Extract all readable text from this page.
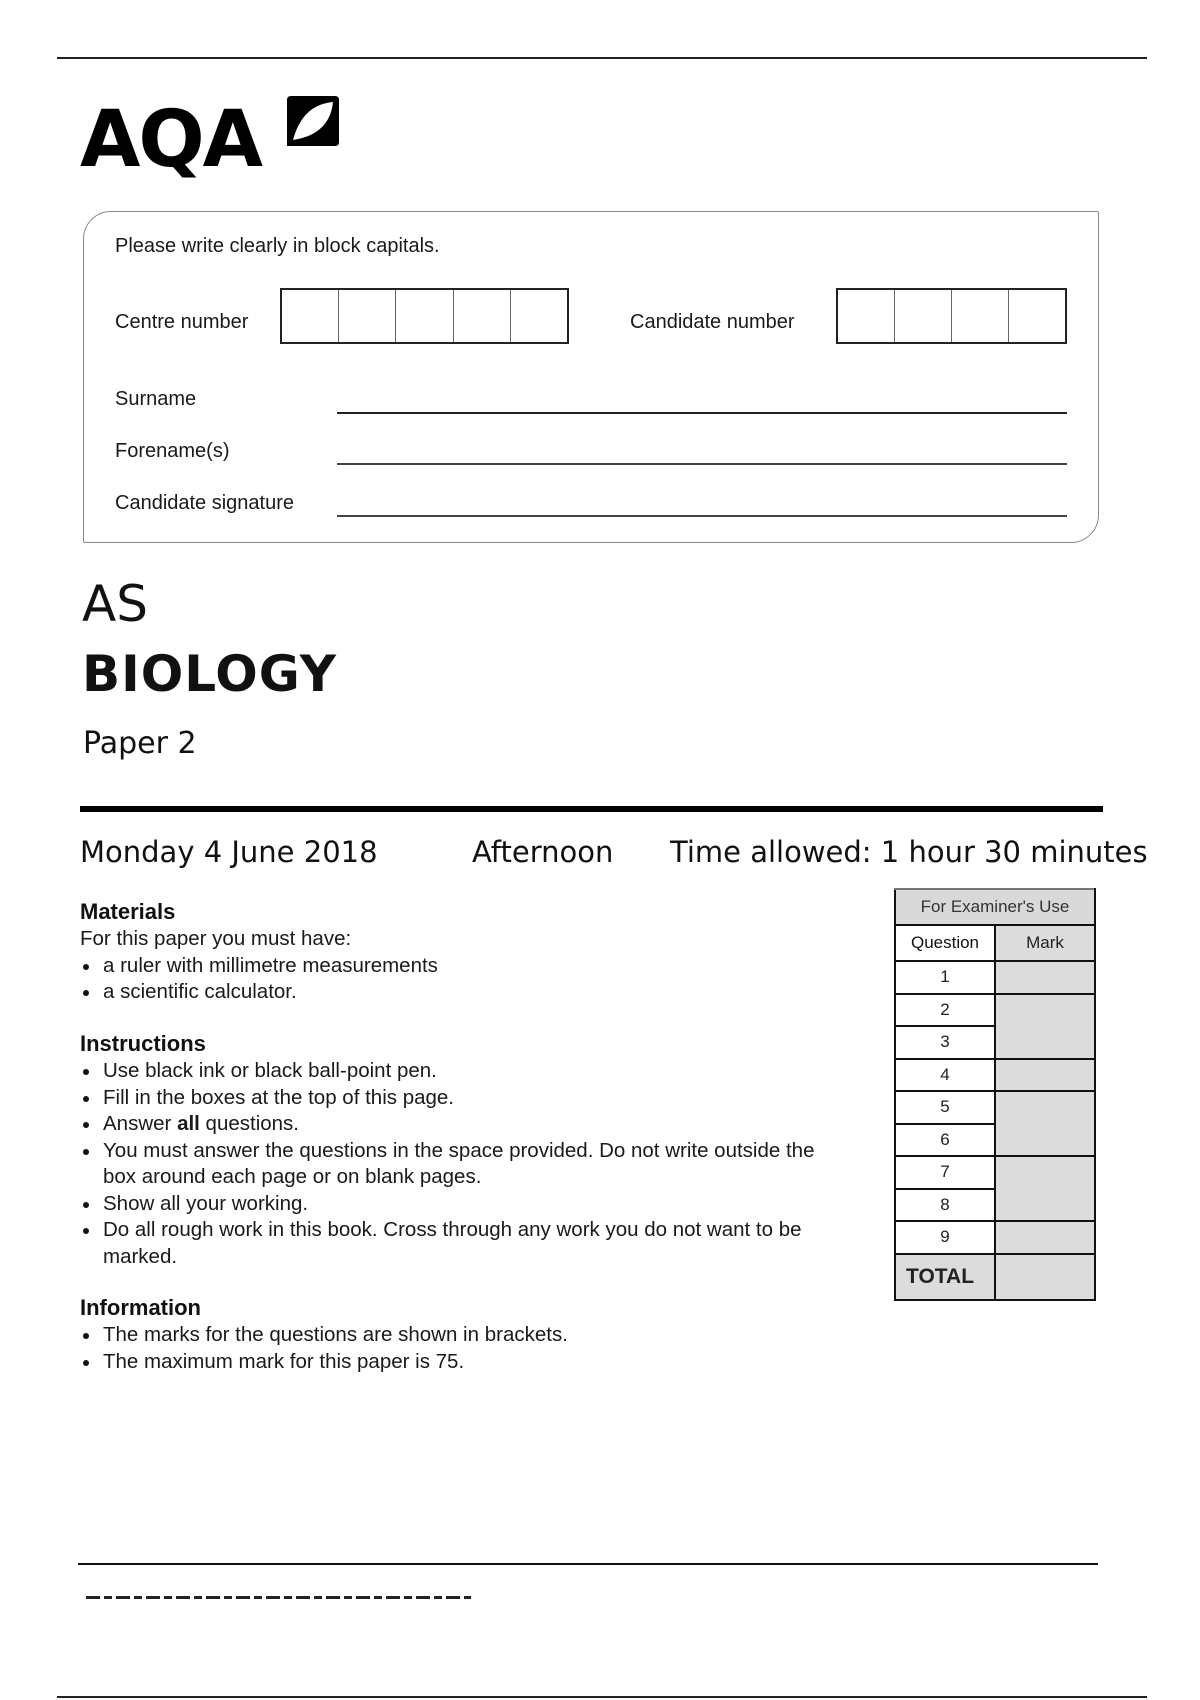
AQA
Please write clearly in block capitals.
Centre number	Candidate number
Surname
Forename(s)
Candidate signature
AS
BIOLOGY
Paper 2
Monday 4 June 2018	Afternoon Time allowed: 1 hour 30 minutes
Materials

For this paper you must have:

a ruler with millimetre measurements
a scientific calculator.
Instructions
Use black ink or black ball-point pen.
Fill in the boxes at the top of this page.
Answer all questions.
You must answer the questions in the space provided. Do not write outside the box around each page or on blank pages.
Show all your working.
Do all rough work in this book. Cross through any work you do not want to be marked.
Information
The marks for the questions are shown in brackets.
The maximum mark for this paper is 75.
For Examiner's Use	
Question	Mark
1	
2	
3	
4	
5	
6	
7	
8	
9	
TOTAL	
